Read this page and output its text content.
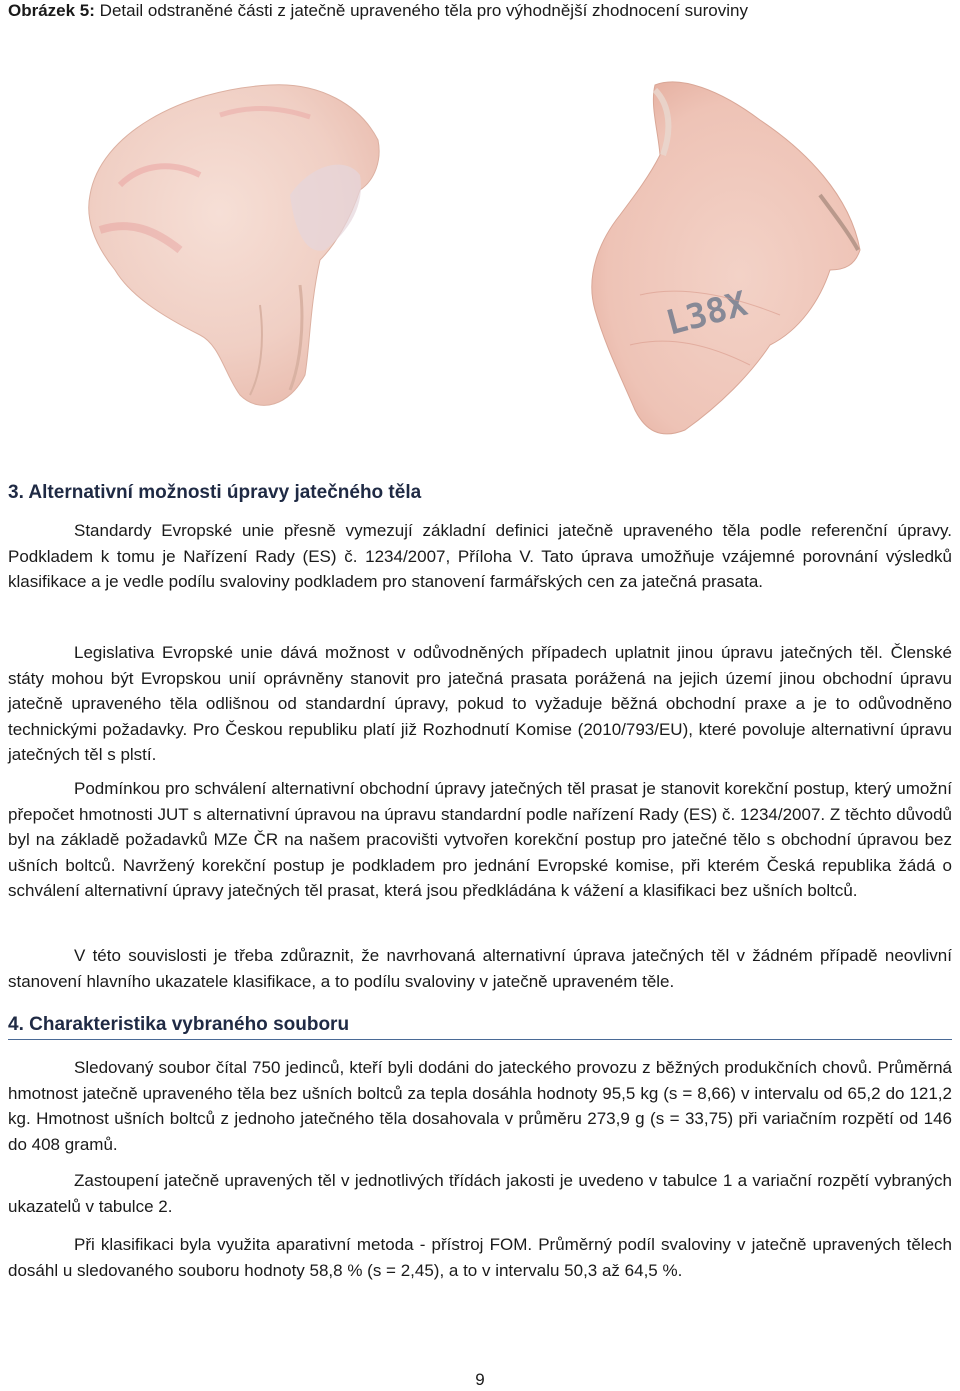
Obrázek 5: Detail odstraněné části z jatečně upraveného těla pro výhodnější zhodnocení suroviny
L38X
3. Alternativní možnosti úpravy jatečného těla
Standardy Evropské unie přesně vymezují základní definici jatečně upraveného těla podle referenční úpravy. Podkladem k tomu je Nařízení Rady (ES) č. 1234/2007, Příloha V. Tato úprava umožňuje vzájemné porovnání výsledků klasifikace a je vedle podílu svaloviny podkladem pro stanovení farmářských cen za jatečná prasata.
Legislativa Evropské unie dává možnost v odůvodněných případech uplatnit jinou úpravu jatečných těl. Členské státy mohou být Evropskou unií oprávněny stanovit pro jatečná prasata porážená na jejich území jinou obchodní úpravu jatečně upraveného těla odlišnou od standardní úpravy, pokud to vyžaduje běžná obchodní praxe a je to odůvodněno technickými požadavky. Pro Českou republiku platí již Rozhodnutí Komise (2010/793/EU), které povoluje alternativní úpravu jatečných těl s plstí.
Podmínkou pro schválení alternativní obchodní úpravy jatečných těl prasat je stanovit korekční postup, který umožní přepočet hmotnosti JUT s alternativní úpravou na úpravu standardní podle nařízení Rady (ES) č. 1234/2007. Z těchto důvodů byl na základě požadavků MZe ČR na našem pracovišti vytvořen korekční postup pro jatečné tělo s obchodní úpravou bez ušních boltců. Navržený korekční postup je podkladem pro jednání Evropské komise, při kterém Česká republika žádá o schválení alternativní úpravy jatečných těl prasat, která jsou předkládána k vážení a klasifikaci bez ušních boltců.
V této souvislosti je třeba zdůraznit, že navrhovaná alternativní úprava jatečných těl v žádném případě neovlivní stanovení hlavního ukazatele klasifikace, a to podílu svaloviny v jatečně upraveném těle.
4. Charakteristika vybraného souboru
Sledovaný soubor čítal 750 jedinců, kteří byli dodáni do jateckého provozu z běžných produkčních chovů. Průměrná hmotnost jatečně upraveného těla bez ušních boltců za tepla dosáhla hodnoty 95,5 kg (s = 8,66) v intervalu od 65,2 do 121,2 kg. Hmotnost ušních boltců z jednoho jatečného těla dosahovala v průměru 273,9 g (s = 33,75) při variačním rozpětí od 146 do 408 gramů.
Zastoupení jatečně upravených těl v jednotlivých třídách jakosti je uvedeno v tabulce 1 a variační rozpětí vybraných ukazatelů v tabulce 2.
Při klasifikaci byla využita aparativní metoda - přístroj FOM. Průměrný podíl svaloviny v jatečně upravených tělech dosáhl u sledovaného souboru hodnoty 58,8 % (s = 2,45), a to v intervalu 50,3 až 64,5 %.
9
